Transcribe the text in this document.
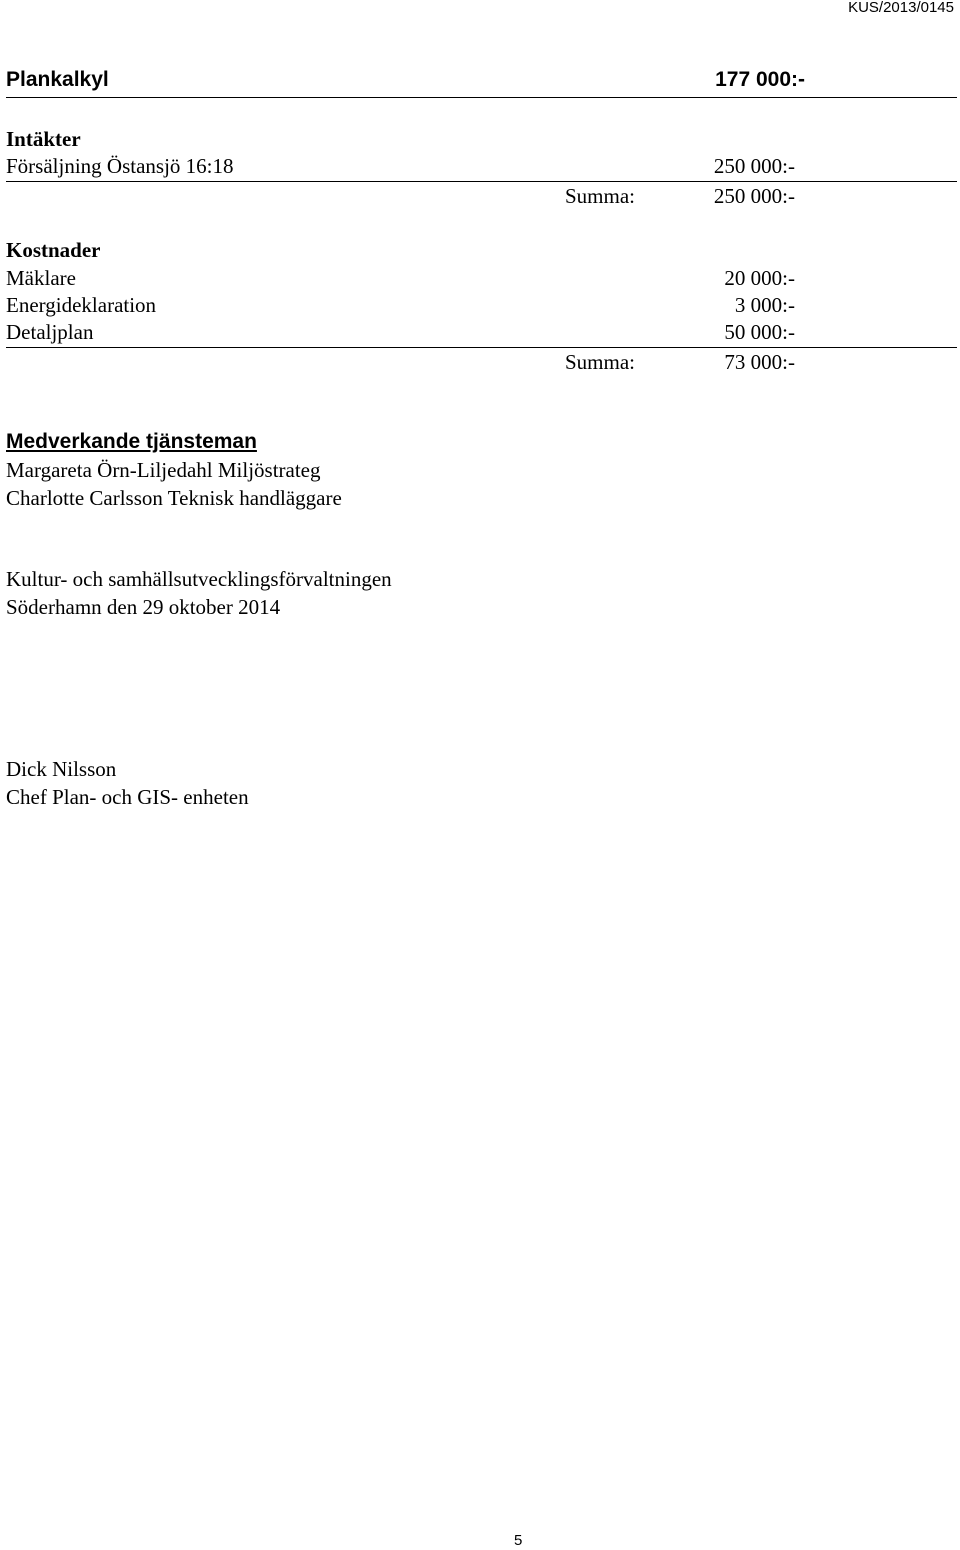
KUS/2013/0145
Plankalkyl	177 000:-
Intäkter
Försäljning Östansjö 16:18	250 000:-
Summa:	250 000:-
Kostnader
Mäklare	20 000:-
Energideklaration	3 000:-
Detaljplan	50 000:-
Summa:	73 000:-
Medverkande tjänsteman
Margareta Örn-Liljedahl Miljöstrateg
Charlotte Carlsson Teknisk handläggare
Kultur- och samhällsutvecklingsförvaltningen
Söderhamn den 29 oktober 2014
Dick Nilsson
Chef Plan- och GIS- enheten
5
